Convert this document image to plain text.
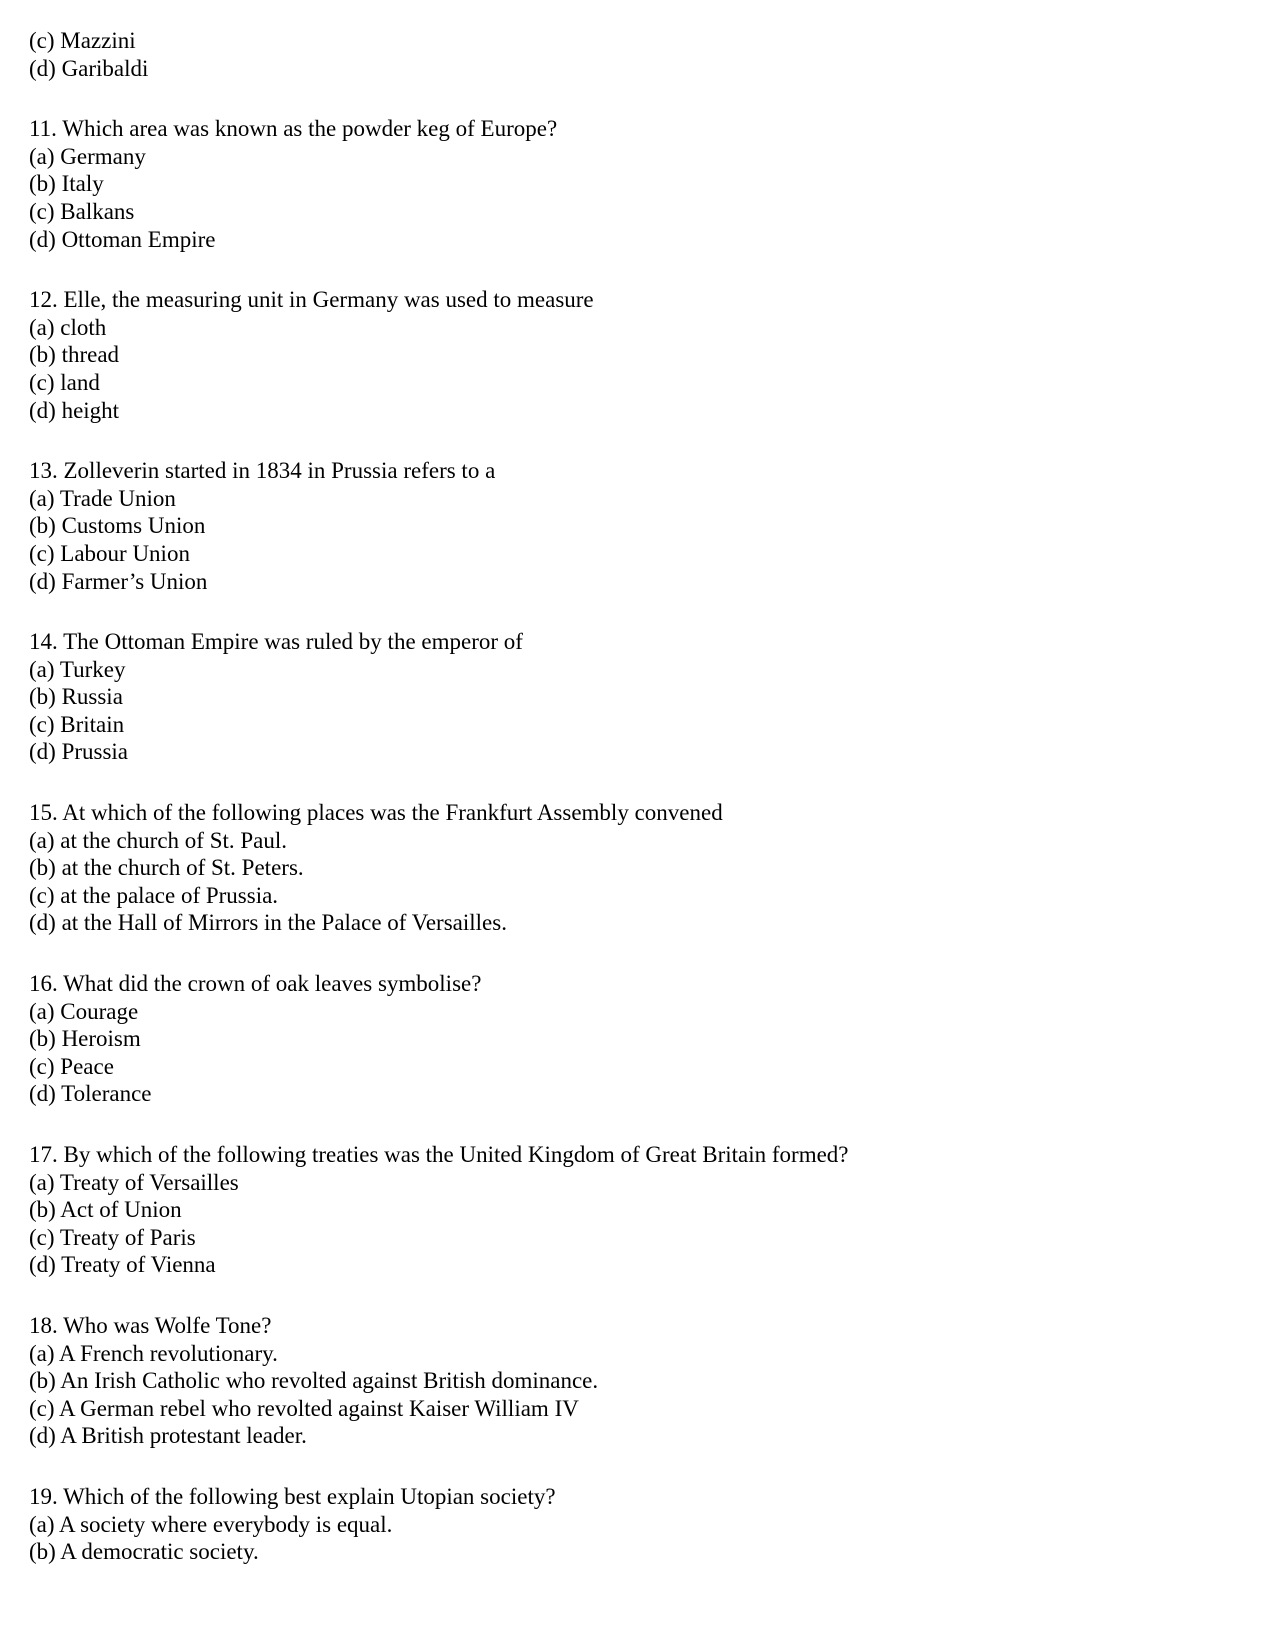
(c) Mazzini
(d) Garibaldi
11. Which area was known as the powder keg of Europe?
(a) Germany
(b) Italy
(c) Balkans
(d) Ottoman Empire
12. Elle, the measuring unit in Germany was used to measure
(a) cloth
(b) thread
(c) land
(d) height
13. Zolleverin started in 1834 in Prussia refers to a
(a) Trade Union
(b) Customs Union
(c) Labour Union
(d) Farmer’s Union
14. The Ottoman Empire was ruled by the emperor of
(a) Turkey
(b) Russia
(c) Britain
(d) Prussia
15. At which of the following places was the Frankfurt Assembly convened
(a) at the church of St. Paul.
(b) at the church of St. Peters.
(c) at the palace of Prussia.
(d) at the Hall of Mirrors in the Palace of Versailles.
16. What did the crown of oak leaves symbolise?
(a) Courage
(b) Heroism
(c) Peace
(d) Tolerance
17. By which of the following treaties was the United Kingdom of Great Britain formed?
(a) Treaty of Versailles
(b) Act of Union
(c) Treaty of Paris
(d) Treaty of Vienna
18. Who was Wolfe Tone?
(a) A French revolutionary.
(b) An Irish Catholic who revolted against British dominance.
(c) A German rebel who revolted against Kaiser William IV
(d) A British protestant leader.
19. Which of the following best explain Utopian society?
(a) A society where everybody is equal.
(b) A democratic society.
